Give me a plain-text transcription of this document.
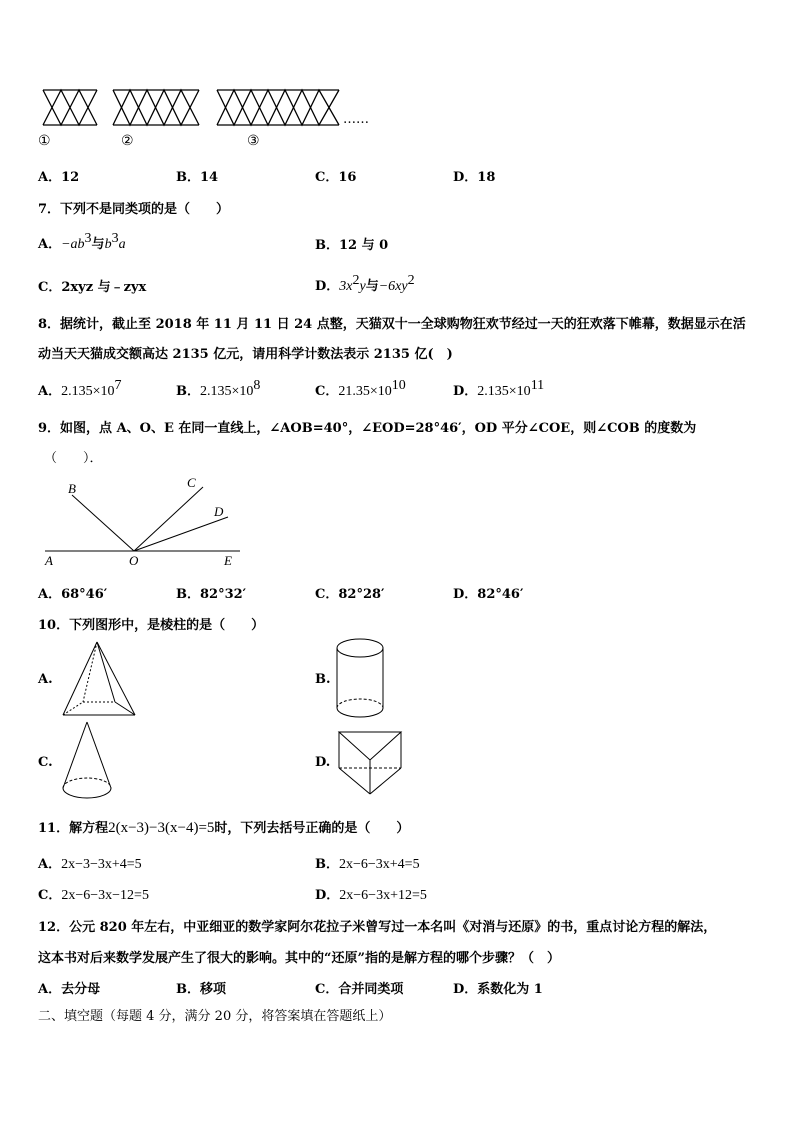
……
①	②	③
A．12	B．14	C．16	D．18
7．下列不是同类项的是（　　）
A．$-ab^3$与$b^3a$	B．12 与 0
C．2xyz 与﹣zyx	D．$3x^2y$与$-6xy^2$
8．据统计，截止至 2018 年 11 月 11 日 24 点整，天猫双十一全球购物狂欢节经过一天的狂欢落下帷幕，数据显示在活
动当天天猫成交额高达 2135 亿元，请用科学计数法表示 2135 亿(　)
A．$2.135\times 10^7$	B．$2.135\times 10^8$	C．$21.35\times 10^{10}$	D．$2.135\times 10^{11}$
9．如图，点 A、O、E 在同一直线上，∠AOB=40°，∠EOD=28°46′，OD 平分∠COE，则∠COB 的度数为
（　　）．
B	C
D
A	O	E
A．68°46′	B．82°32′	C．82°28′	D．82°46′
10．下列图形中，是棱柱的是（　　）
A.	B.
C.	D.
11．解方程2(x−3)−3(x−4)=5时，下列去括号正确的是（　　）
A．2x−3−3x+4=5	B．2x−6−3x+4=5
C．2x−6−3x−12=5	D．2x−6−3x+12=5
12．公元 820 年左右，中亚细亚的数学家阿尔花拉子米曾写过一本名叫《对消与还原》的书，重点讨论方程的解法，
这本书对后来数学发展产生了很大的影响。其中的“还原”指的是解方程的哪个步骤？（　）
A．去分母	B．移项	C．合并同类项	D．系数化为 1
二、填空题（每题 4 分，满分 20 分，将答案填在答题纸上）
